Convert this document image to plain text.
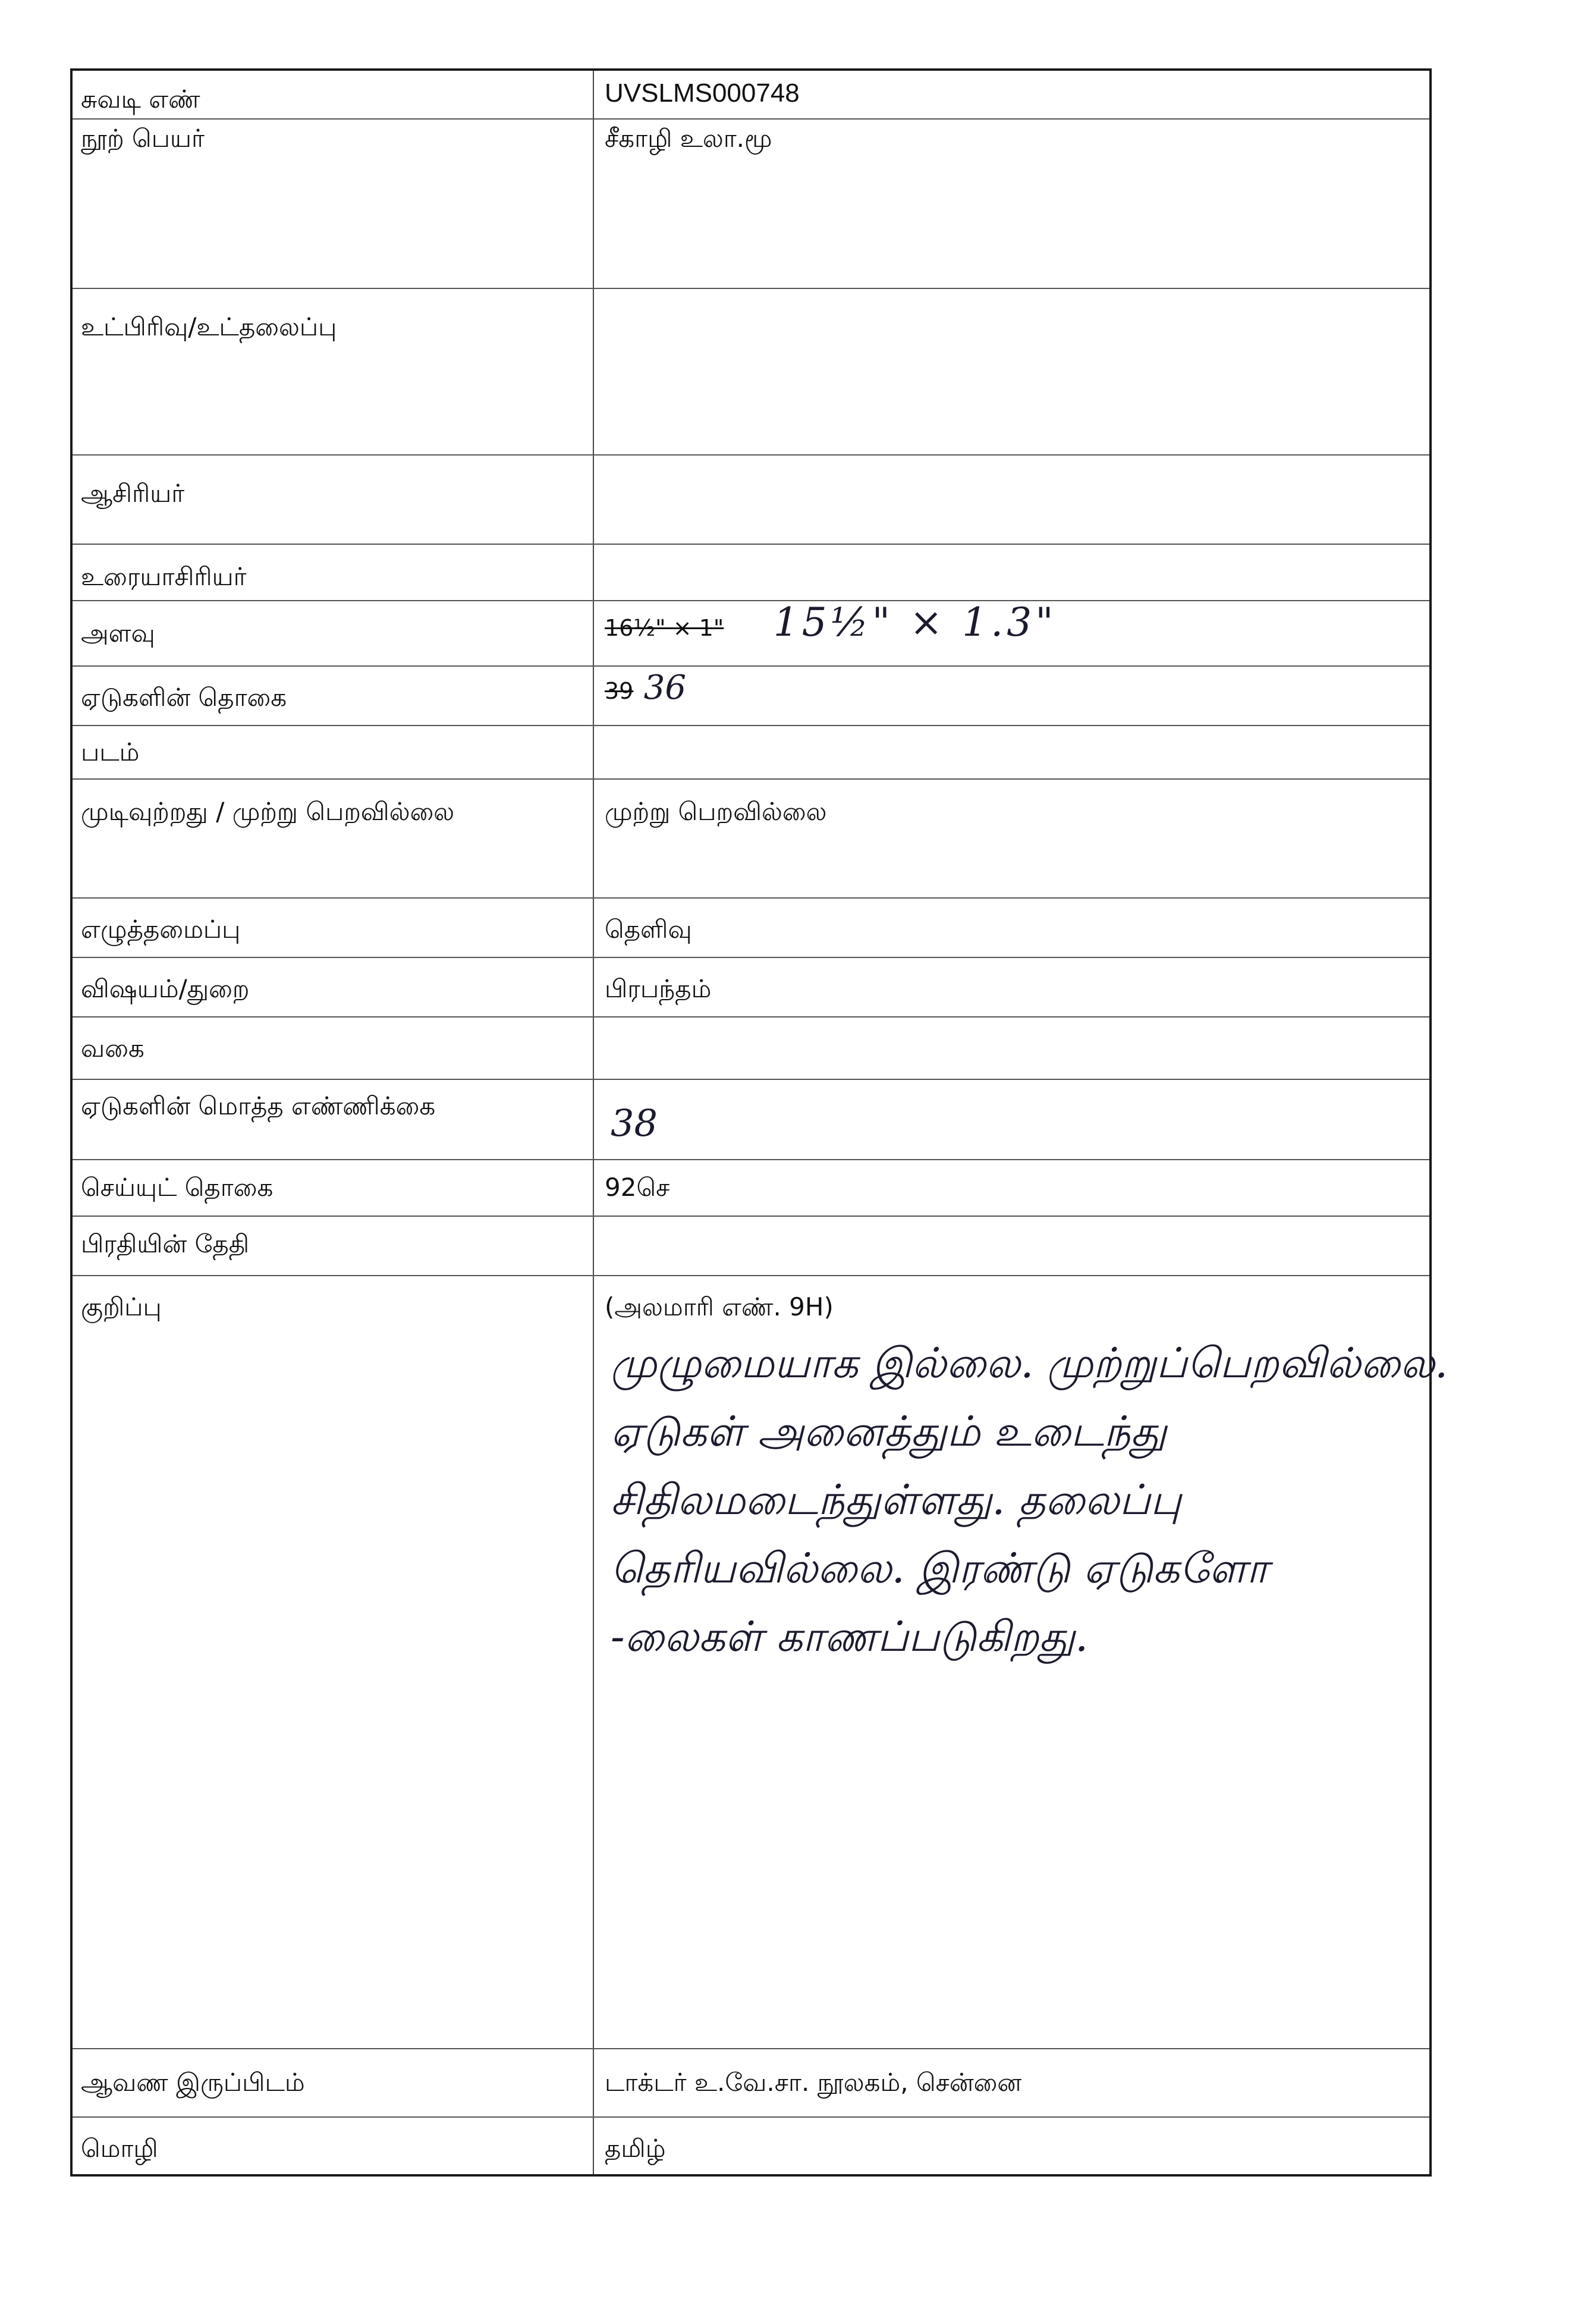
சுவடி எண்	UVSLMS000748
நூற் பெயர்	சீகாழி உலா.மூ
உட்பிரிவு/உட்தலைப்பு
ஆசிரியர்
உரையாசிரியர்
அளவு	16½" × 1" 15½" × 1.3"
ஏடுகளின் தொகை	39 36
படம்
முடிவுற்றது / முற்று பெறவில்லை	முற்று பெறவில்லை
எழுத்தமைப்பு	தெளிவு
விஷயம்/துறை	பிரபந்தம்
வகை
ஏடுகளின் மொத்த எண்ணிக்கை	38
செய்யுட் தொகை	92செ
பிரதியின் தேதி
குறிப்பு	(அலமாரி எண். 9H)
முழுமையாக இல்லை. முற்றுப்பெறவில்லை.
ஏடுகள் அனைத்தும் உடைந்து
சிதிலமடைந்துள்ளது. தலைப்பு
தெரியவில்லை. இரண்டு ஏடுகளோ
-லைகள் காணப்படுகிறது.
ஆவண இருப்பிடம்	டாக்டர் உ.வே.சா. நூலகம், சென்னை
மொழி	தமிழ்
